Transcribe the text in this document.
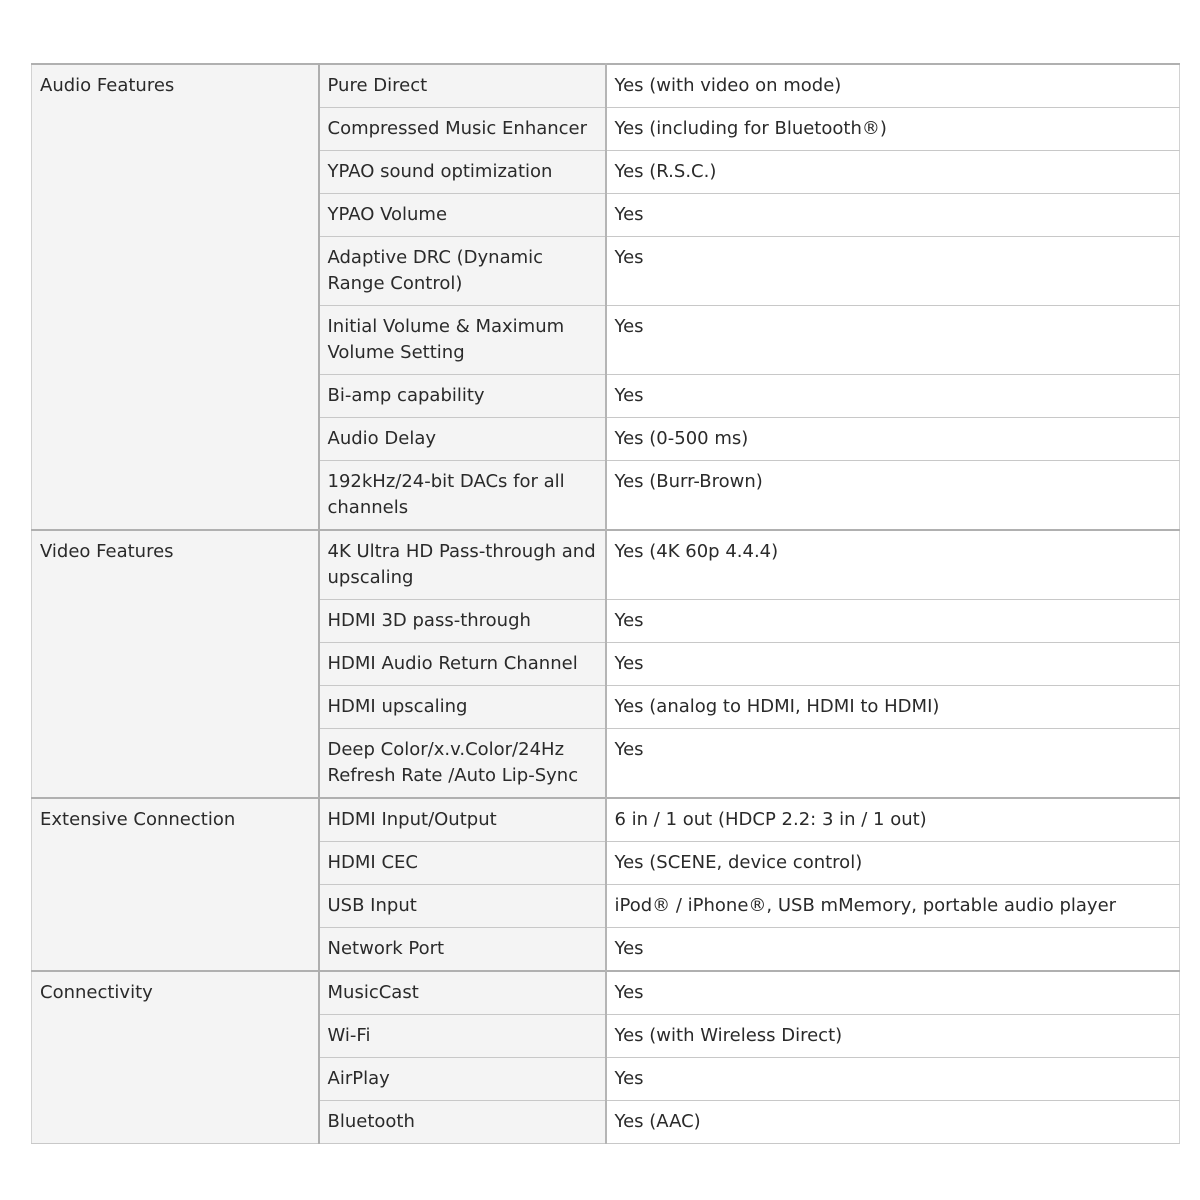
Audio Features	Pure Direct	Yes (with video on mode)
	Compressed Music Enhancer	Yes (including for Bluetooth®)
	YPAO sound optimization	Yes (R.S.C.)
	YPAO Volume	Yes
	Adaptive DRC (Dynamic Range Control)	Yes
	Initial Volume & Maximum Volume Setting	Yes
	Bi-amp capability	Yes
	Audio Delay	Yes (0-500 ms)
	192kHz/24-bit DACs for all channels	Yes (Burr-Brown)
Video Features	4K Ultra HD Pass-through and upscaling	Yes (4K 60p 4.4.4)
	HDMI 3D pass-through	Yes
	HDMI Audio Return Channel	Yes
	HDMI upscaling	Yes (analog to HDMI, HDMI to HDMI)
	Deep Color/x.v.Color/24Hz Refresh Rate /Auto Lip-Sync	Yes
Extensive Connection	HDMI Input/Output	6 in / 1 out (HDCP 2.2: 3 in / 1 out)
	HDMI CEC	Yes (SCENE, device control)
	USB Input	iPod® / iPhone®, USB mMemory, portable audio player
	Network Port	Yes
Connectivity	MusicCast	Yes
	Wi-Fi	Yes (with Wireless Direct)
	AirPlay	Yes
	Bluetooth	Yes (AAC)
